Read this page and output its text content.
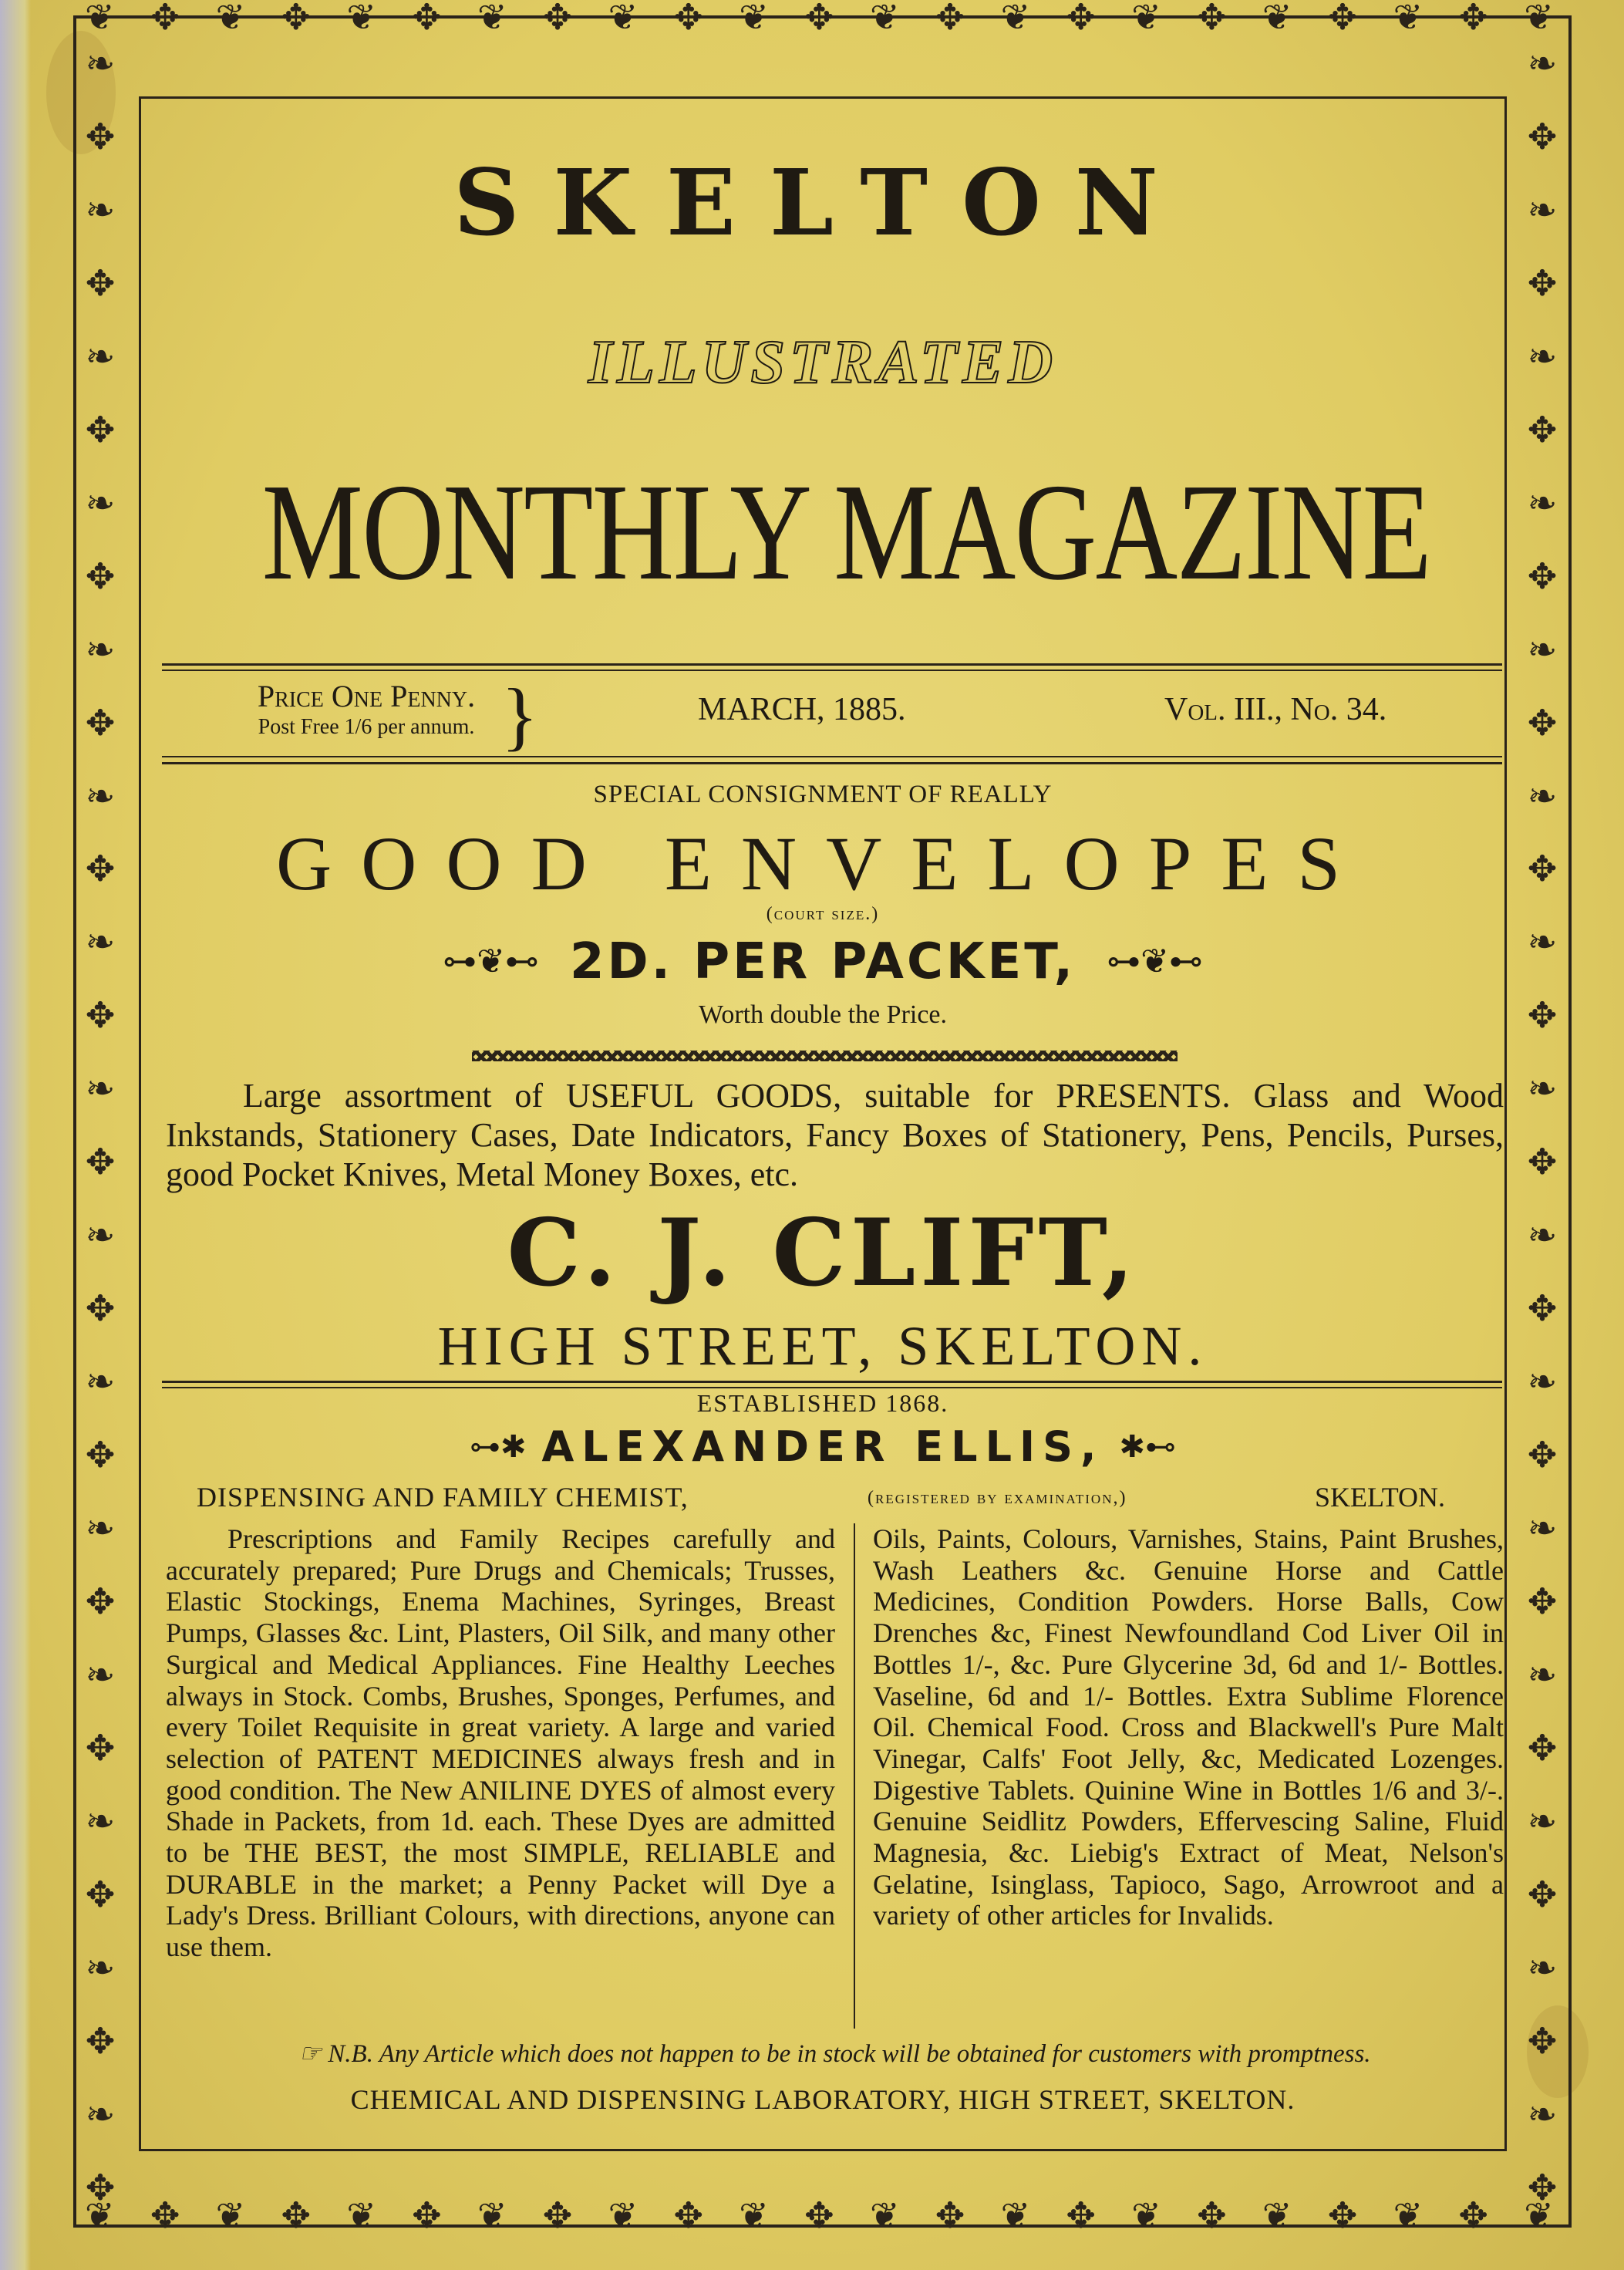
❦ ✥ ❦ ✥ ❦ ✥ ❦ ✥ ❦ ✥ ❦ ✥ ❦ ✥ ❦ ✥ ❦ ✥ ❦ ✥ ❦ ✥ ❦
❦ ✥ ❦ ✥ ❦ ✥ ❦ ✥ ❦ ✥ ❦ ✥ ❦ ✥ ❦ ✥ ❦ ✥ ❦ ✥ ❦ ✥ ❦
❧
✥
❧
✥
❧
✥
❧
✥
❧
✥
❧
✥
❧
✥
❧
✥
❧
✥
❧
✥
❧
✥
❧
✥
❧
✥
❧
✥
❧
✥
❧
✥
❧
✥
❧
✥
❧
✥
❧
✥
❧
✥
❧
✥
❧
✥
❧
✥
❧
✥
❧
✥
❧
✥
❧
✥
❧
✥
❧
✥
SKELTON
ILLUSTRATED
MONTHLY MAGAZINE
Price One Penny.
Post Free 1/6 per annum. }	MARCH, 1885.	Vol. III., No. 34.
SPECIAL CONSIGNMENT OF REALLY
GOOD ENVELOPES
(court size.)
⊶❦⊷ 2D. PER PACKET, ⊶❦⊷
Worth double the Price.

Large assortment of USEFUL GOODS, suitable for PRESENTS. Glass and Wood Inkstands, Stationery Cases, Date Indicators, Fancy Boxes of Stationery, Pens, Pencils, Purses, good Pocket Knives, Metal Money Boxes, etc.

C. J. CLIFT,
HIGH STREET, SKELTON.
ESTABLISHED 1868.
⊶✱ ALEXANDER ELLIS, ✱⊷
DISPENSING AND FAMILY CHEMIST,	(registered by examination,)	SKELTON.

Prescriptions and Family Recipes carefully and accurately prepared; Pure Drugs and Chemicals; Trusses, Elastic Stockings, Enema Machines, Syringes, Breast Pumps, Glasses &c. Lint, Plasters, Oil Silk, and many other Surgical and Medical Appliances. Fine Healthy Leeches always in Stock. Combs, Brushes, Sponges, Perfumes, and every Toilet Requisite in great variety. A large and varied selection of PATENT MEDICINES always fresh and in good condition. The New ANILINE DYES of almost every Shade in Packets, from 1d. each. These Dyes are admitted to be THE BEST, the most SIMPLE, RELIABLE and DURABLE in the market; a Penny Packet will Dye a Lady's Dress. Brilliant Colours, with directions, anyone can use them.

Oils, Paints, Colours, Varnishes, Stains, Paint Brushes, Wash Leathers &c. Genuine Horse and Cattle Medicines, Condition Powders. Horse Balls, Cow Drenches &c, Finest Newfoundland Cod Liver Oil in Bottles 1/-, &c. Pure Glycerine 3d, 6d and 1/- Bottles. Vaseline, 6d and 1/- Bottles. Extra Sublime Florence Oil. Chemical Food. Cross and Blackwell's Pure Malt Vinegar, Calfs' Foot Jelly, &c, Medicated Lozenges. Digestive Tablets. Quinine Wine in Bottles 1/6 and 3/-. Genuine Seidlitz Powders, Effervescing Saline, Fluid Magnesia, &c. Liebig's Extract of Meat, Nelson's Gelatine, Isinglass, Tapioco, Sago, Arrowroot and a variety of other articles for Invalids.

☞ N.B. Any Article which does not happen to be in stock will be obtained for customers with promptness.
CHEMICAL AND DISPENSING LABORATORY, HIGH STREET, SKELTON.
